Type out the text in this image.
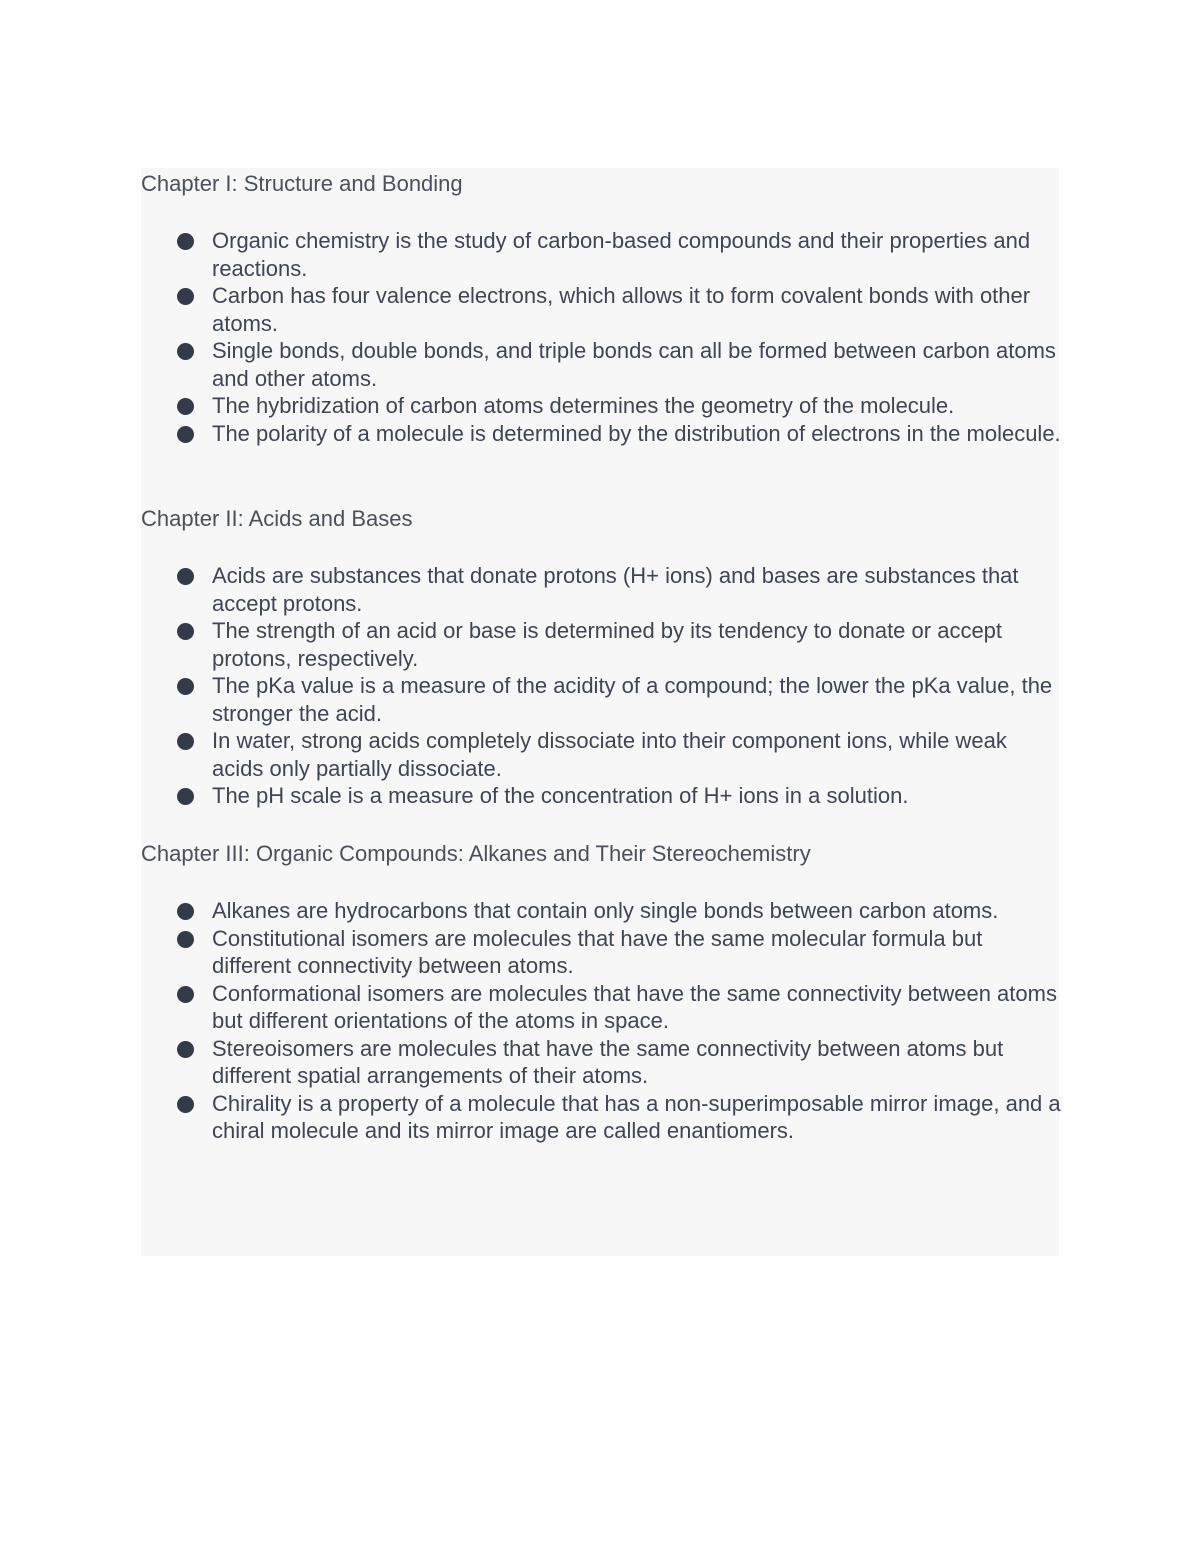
Chapter I: Structure and Bonding
Organic chemistry is the study of carbon-based compounds and their properties and reactions.
Carbon has four valence electrons, which allows it to form covalent bonds with other atoms.
Single bonds, double bonds, and triple bonds can all be formed between carbon atoms and other atoms.
The hybridization of carbon atoms determines the geometry of the molecule.
The polarity of a molecule is determined by the distribution of electrons in the molecule.
Chapter II: Acids and Bases
Acids are substances that donate protons (H+ ions) and bases are substances that accept protons.
The strength of an acid or base is determined by its tendency to donate or accept protons, respectively.
The pKa value is a measure of the acidity of a compound; the lower the pKa value, the stronger the acid.
In water, strong acids completely dissociate into their component ions, while weak acids only partially dissociate.
The pH scale is a measure of the concentration of H+ ions in a solution.
Chapter III: Organic Compounds: Alkanes and Their Stereochemistry
Alkanes are hydrocarbons that contain only single bonds between carbon atoms.
Constitutional isomers are molecules that have the same molecular formula but different connectivity between atoms.
Conformational isomers are molecules that have the same connectivity between atoms but different orientations of the atoms in space.
Stereoisomers are molecules that have the same connectivity between atoms but different spatial arrangements of their atoms.
Chirality is a property of a molecule that has a non-superimposable mirror image, and a chiral molecule and its mirror image are called enantiomers.
